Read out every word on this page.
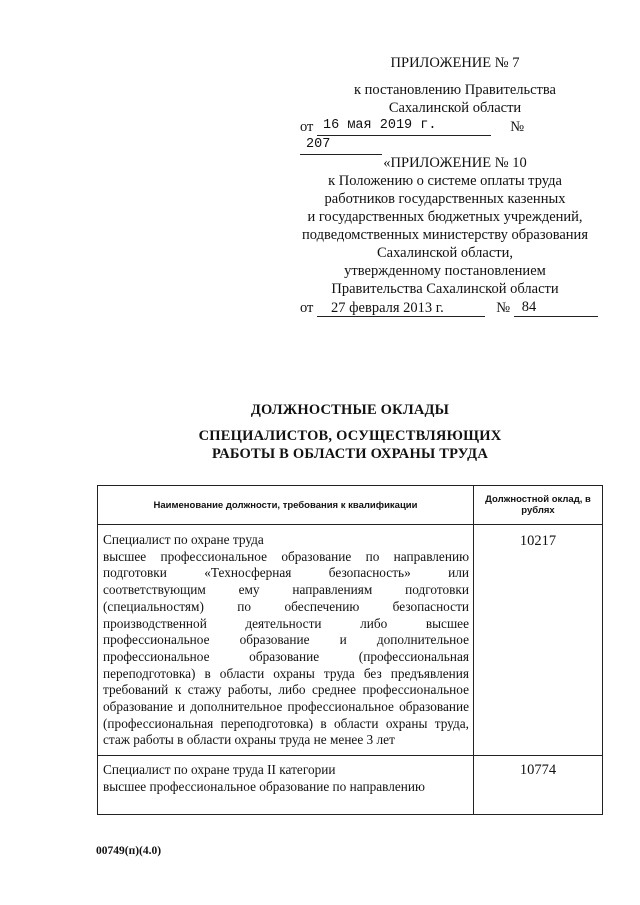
ПРИЛОЖЕНИЕ № 7
к постановлению Правительства
Сахалинской области
от 16 мая 2019 г.	№ 207
«ПРИЛОЖЕНИЕ № 10
к Положению о системе оплаты труда
работников государственных казенных
и государственных бюджетных учреждений,
подведомственных министерству образования
Сахалинской области,
утвержденному постановлением
Правительства Сахалинской области
от 27 февраля 2013 г.	№ 84
ДОЛЖНОСТНЫЕ ОКЛАДЫ
СПЕЦИАЛИСТОВ, ОСУЩЕСТВЛЯЮЩИХ
РАБОТЫ В ОБЛАСТИ ОХРАНЫ ТРУДА
Наименование должности, требования к квалификации	Должностной оклад, в рублях

Специалист по охране труда
высшее профессиональное образование по направлению подготовки «Техносферная безопасность» или соответствующим ему направлениям подготовки (специальностям) по обеспечению безопасности производственной деятельности либо высшее профессиональное образование и дополнительное профессиональное образование (профессиональная переподготовка) в области охраны труда без предъявления требований к стажу работы, либо среднее профессиональное образование и дополнительное профессиональное образование (профессиональная переподготовка) в области охраны труда, стаж работы в области охраны труда не менее 3 лет	10217

Специалист по охране труда II категории
высшее профессиональное образование по направлению	10774
00749(п)(4.0)
